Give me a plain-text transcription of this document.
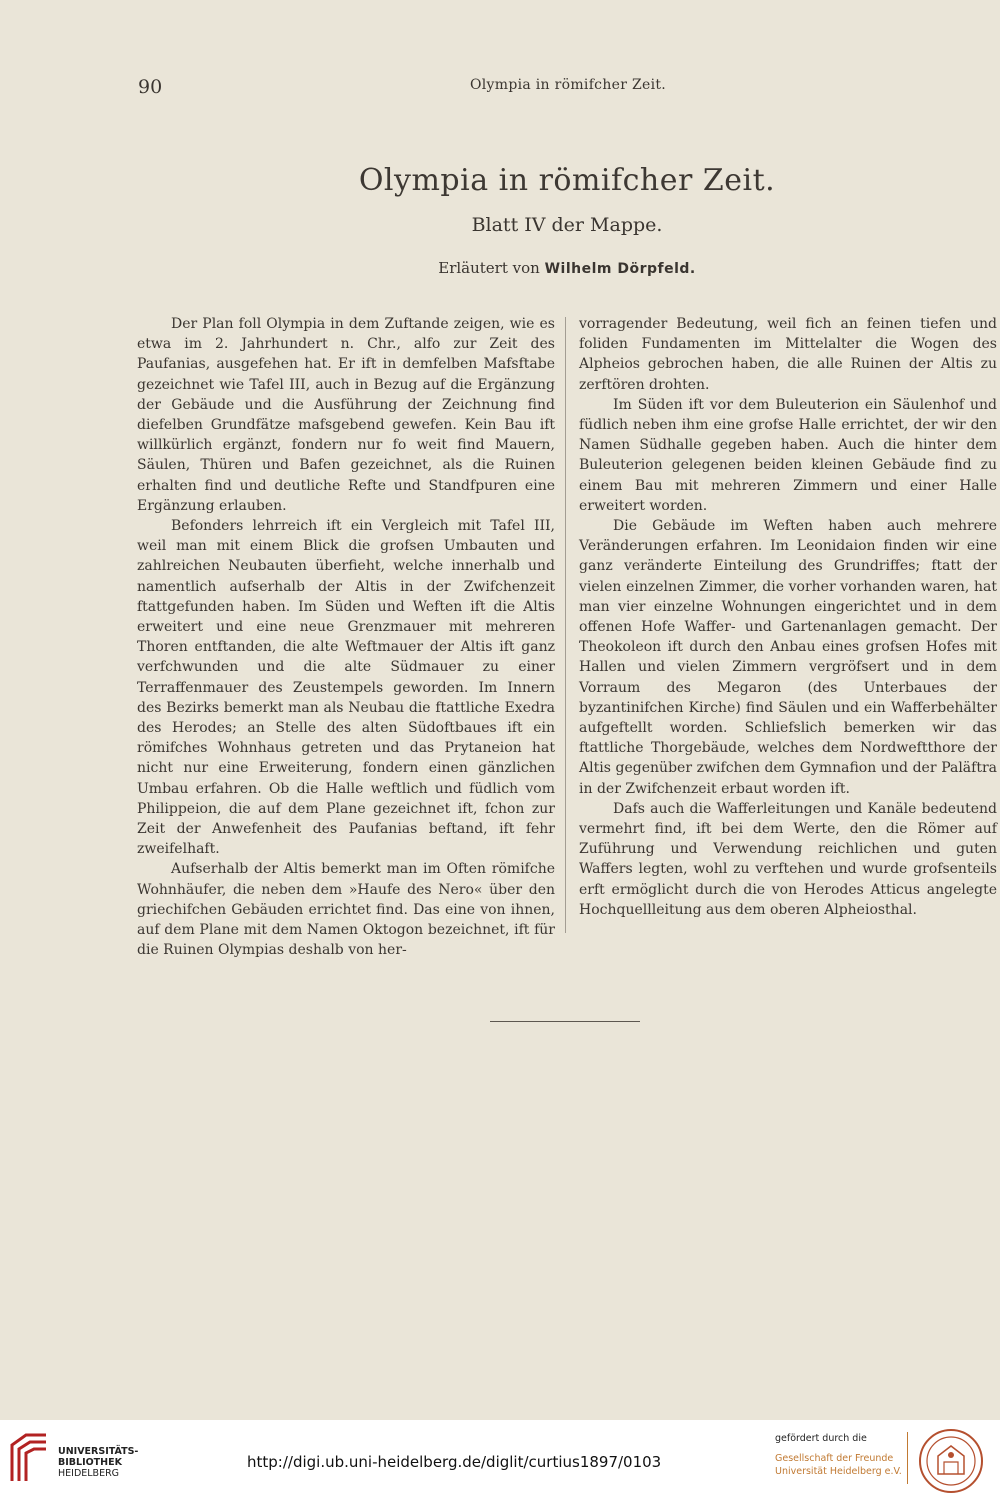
90	Olympia in römifcher Zeit.
Olympia in römifcher Zeit.
Blatt IV der Mappe.
Erläutert von Wilhelm Dörpfeld.

Der Plan foll Olympia in dem Zuftande zeigen, wie es etwa im 2. Jahrhundert n. Chr., alfo zur Zeit des Paufanias, ausgefehen hat. Er ift in demfelben Mafsftabe gezeichnet wie Tafel III, auch in Bezug auf die Ergänzung der Gebäude und die Ausführung der Zeichnung find diefelben Grundfätze mafsgebend gewefen. Kein Bau ift willkürlich ergänzt, fondern nur fo weit find Mauern, Säulen, Thüren und Bafen gezeichnet, als die Ruinen erhalten find und deutliche Refte und Standfpuren eine Ergänzung erlauben.

Befonders lehrreich ift ein Vergleich mit Tafel III, weil man mit einem Blick die grofsen Umbauten und zahlreichen Neubauten überfieht, welche innerhalb und namentlich aufserhalb der Altis in der Zwifchenzeit ftattgefunden haben. Im Süden und Weften ift die Altis erweitert und eine neue Grenzmauer mit mehreren Thoren entftanden, die alte Weftmauer der Altis ift ganz verfchwunden und die alte Südmauer zu einer Terraffenmauer des Zeustempels geworden. Im Innern des Bezirks bemerkt man als Neubau die ftattliche Exedra des Herodes; an Stelle des alten Südoftbaues ift ein römifches Wohnhaus getreten und das Prytaneion hat nicht nur eine Erweiterung, fondern einen gänzlichen Umbau erfahren. Ob die Halle weftlich und füdlich vom Philippeion, die auf dem Plane gezeichnet ift, fchon zur Zeit der Anwefenheit des Paufanias beftand, ift fehr zweifelhaft.

Aufserhalb der Altis bemerkt man im Often römifche Wohnhäufer, die neben dem »Haufe des Nero« über den griechifchen Gebäuden errichtet find. Das eine von ihnen, auf dem Plane mit dem Namen Oktogon bezeichnet, ift für die Ruinen Olympias deshalb von her-

vorragender Bedeutung, weil fich an feinen tiefen und foliden Fundamenten im Mittelalter die Wogen des Alpheios gebrochen haben, die alle Ruinen der Altis zu zerftören drohten.

Im Süden ift vor dem Buleuterion ein Säulenhof und füdlich neben ihm eine grofse Halle errichtet, der wir den Namen Südhalle gegeben haben. Auch die hinter dem Buleuterion gelegenen beiden kleinen Gebäude find zu einem Bau mit mehreren Zimmern und einer Halle erweitert worden.

Die Gebäude im Weften haben auch mehrere Veränderungen erfahren. Im Leonidaion finden wir eine ganz veränderte Einteilung des Grundriffes; ftatt der vielen einzelnen Zimmer, die vorher vorhanden waren, hat man vier einzelne Wohnungen eingerichtet und in dem offenen Hofe Waffer- und Gartenanlagen gemacht. Der Theokoleon ift durch den Anbau eines grofsen Hofes mit Hallen und vielen Zimmern vergröfsert und in dem Vorraum des Megaron (des Unterbaues der byzantinifchen Kirche) find Säulen und ein Wafferbehälter aufgeftellt worden. Schliefslich bemerken wir das ftattliche Thorgebäude, welches dem Nordweftthore der Altis gegenüber zwifchen dem Gymnafion und der Paläftra in der Zwifchenzeit erbaut worden ift.

Dafs auch die Wafferleitungen und Kanäle bedeutend vermehrt find, ift bei dem Werte, den die Römer auf Zuführung und Verwendung reichlichen und guten Waffers legten, wohl zu verftehen und wurde grofsenteils erft ermöglicht durch die von Herodes Atticus angelegte Hochquellleitung aus dem oberen Alpheiosthal.

UNIVERSITÄTS-
BIBLIOTHEK
HEIDELBERG
http://digi.ub.uni-heidelberg.de/diglit/curtius1897/0103
gefördert durch die
Gesellschaft der Freunde
Universität Heidelberg e.V.
